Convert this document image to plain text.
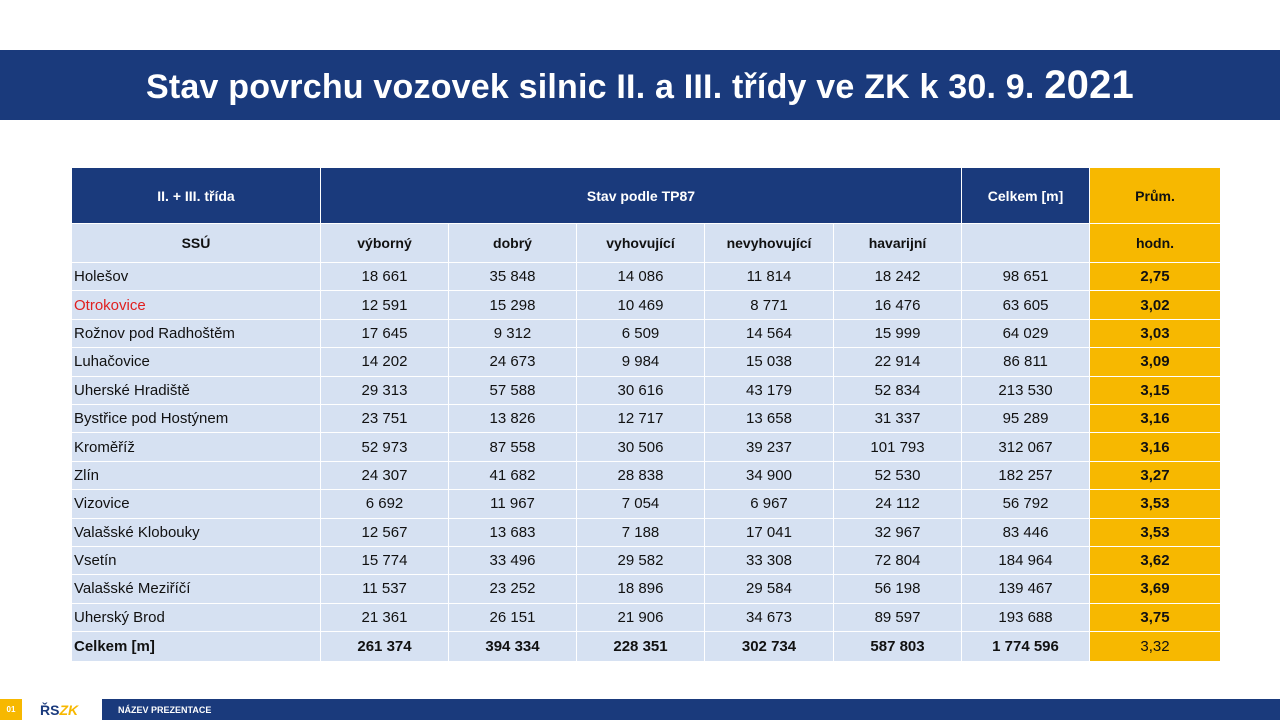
Stav povrchu vozovek silnic II. a III. třídy ve ZK k 30. 9. 2021
II. + III. třída	Stav podle TP87					Celkem [m]	Prům.
SSÚ	výborný	dobrý	vyhovující	nevyhovující	havarijní		hodn.
Holešov	18 661	35 848	14 086	11 814	18 242	98 651	2,75
Otrokovice	12 591	15 298	10 469	8 771	16 476	63 605	3,02
Rožnov pod Radhoštěm	17 645	9 312	6 509	14 564	15 999	64 029	3,03
Luhačovice	14 202	24 673	9 984	15 038	22 914	86 811	3,09
Uherské Hradiště	29 313	57 588	30 616	43 179	52 834	213 530	3,15
Bystřice pod Hostýnem	23 751	13 826	12 717	13 658	31 337	95 289	3,16
Kroměříž	52 973	87 558	30 506	39 237	101 793	312 067	3,16
Zlín	24 307	41 682	28 838	34 900	52 530	182 257	3,27
Vizovice	6 692	11 967	7 054	6 967	24 112	56 792	3,53
Valašské Klobouky	12 567	13 683	7 188	17 041	32 967	83 446	3,53
Vsetín	15 774	33 496	29 582	33 308	72 804	184 964	3,62
Valašské Meziříčí	11 537	23 252	18 896	29 584	56 198	139 467	3,69
Uherský Brod	21 361	26 151	21 906	34 673	89 597	193 688	3,75
Celkem [m]	261 374	394 334	228 351	302 734	587 803	1 774 596	3,32
01	ŘS ZK	NÁZEV PREZENTACE
